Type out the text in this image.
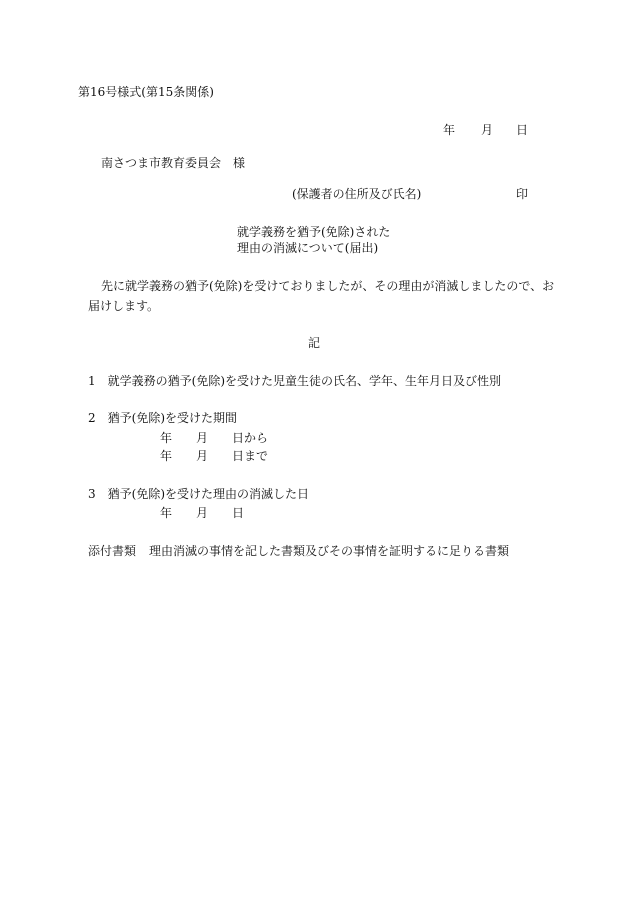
第16号様式(第15条関係)
年 月 日
南さつま市教育委員会　様
(保護者の住所及び氏名)	印
就学義務を猶予(免除)された
理由の消滅について(届出)
先に就学義務の猶予(免除)を受けておりましたが、その理由が消滅しましたので、お
届けします。
記
1　就学義務の猶予(免除)を受けた児童生徒の氏名、学年、生年月日及び性別
2　猶予(免除)を受けた期間
年 月 日から
年 月 日まで
3　猶予(免除)を受けた理由の消滅した日
年 月 日
添付書類 理由消滅の事情を記した書類及びその事情を証明するに足りる書類
